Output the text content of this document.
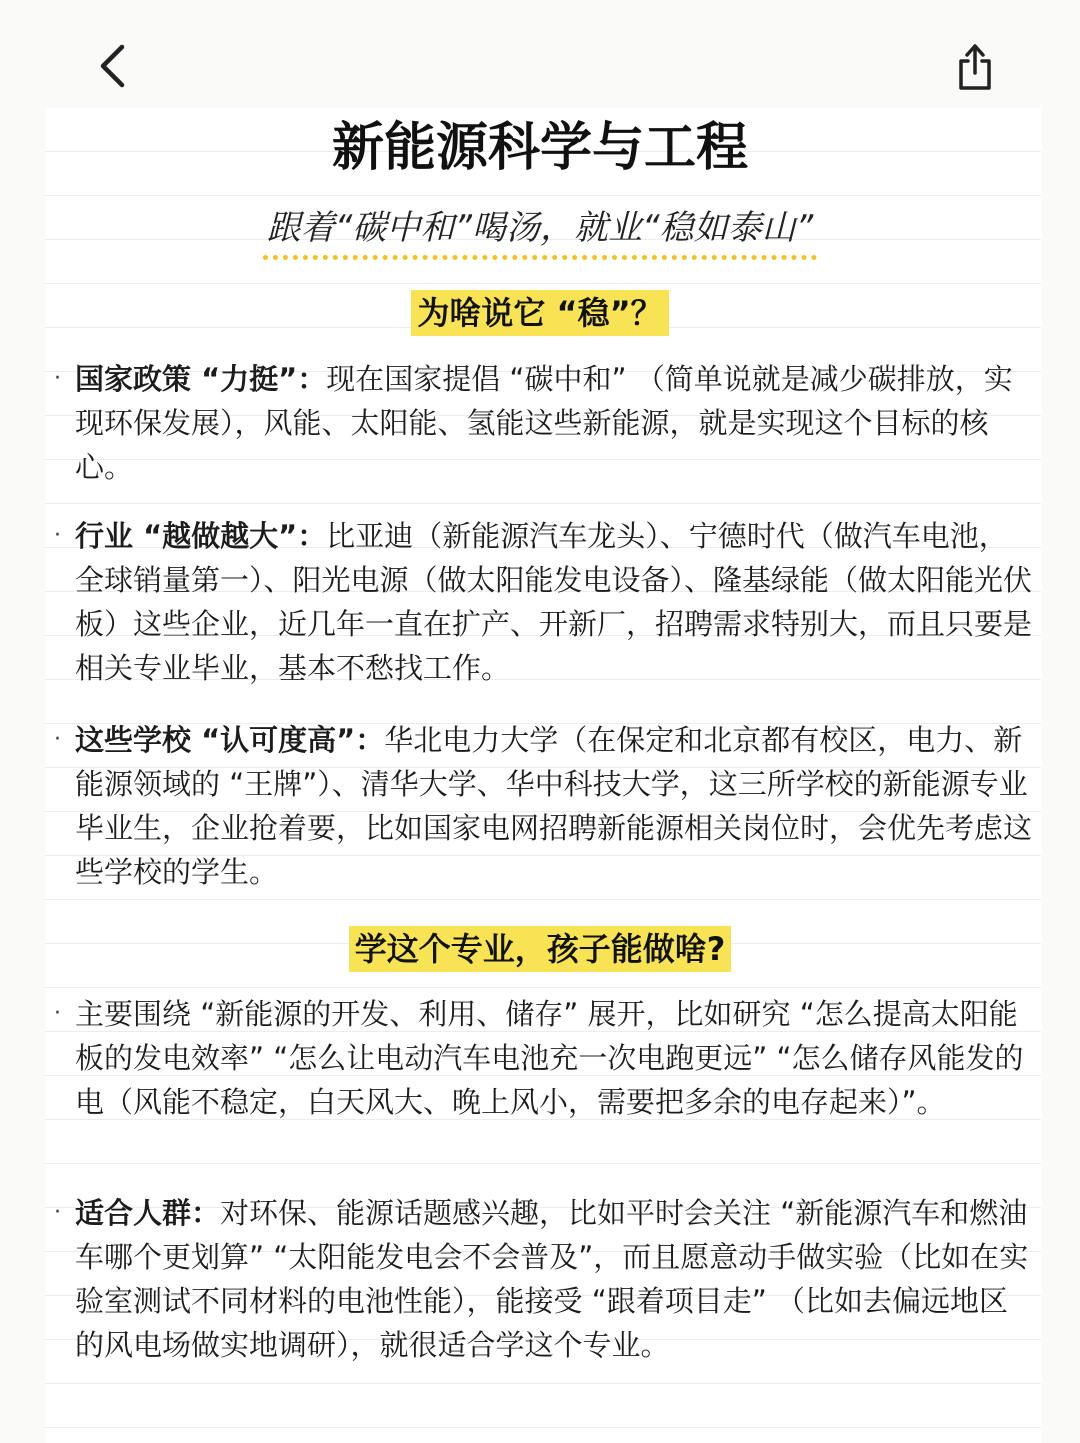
新能源科学与工程
跟着“碳中和”喝汤，就业“稳如泰山”
为啥说它 “稳”？
· 国家政策 “力挺”：现在国家提倡 “碳中和” （简单说就是减少碳排放，实现环保发展），风能、太阳能、氢能这些新能源，就是实现这个目标的核心。
· 行业 “越做越大”：比亚迪（新能源汽车龙头）、宁德时代（做汽车电池，全球销量第一）、阳光电源（做太阳能发电设备）、隆基绿能（做太阳能光伏板）这些企业，近几年一直在扩产、开新厂，招聘需求特别大，而且只要是相关专业毕业，基本不愁找工作。
· 这些学校 “认可度高”：华北电力大学（在保定和北京都有校区，电力、新能源领域的 “王牌”）、清华大学、华中科技大学，这三所学校的新能源专业毕业生，企业抢着要，比如国家电网招聘新能源相关岗位时，会优先考虑这些学校的学生。
学这个专业，孩子能做啥?
· 主要围绕 “新能源的开发、利用、储存” 展开，比如研究 “怎么提高太阳能板的发电效率” “怎么让电动汽车电池充一次电跑更远” “怎么储存风能发的电（风能不稳定，白天风大、晚上风小，需要把多余的电存起来）”。
· 适合人群：对环保、能源话题感兴趣，比如平时会关注 “新能源汽车和燃油车哪个更划算” “太阳能发电会不会普及”，而且愿意动手做实验（比如在实验室测试不同材料的电池性能），能接受 “跟着项目走” （比如去偏远地区的风电场做实地调研），就很适合学这个专业。
